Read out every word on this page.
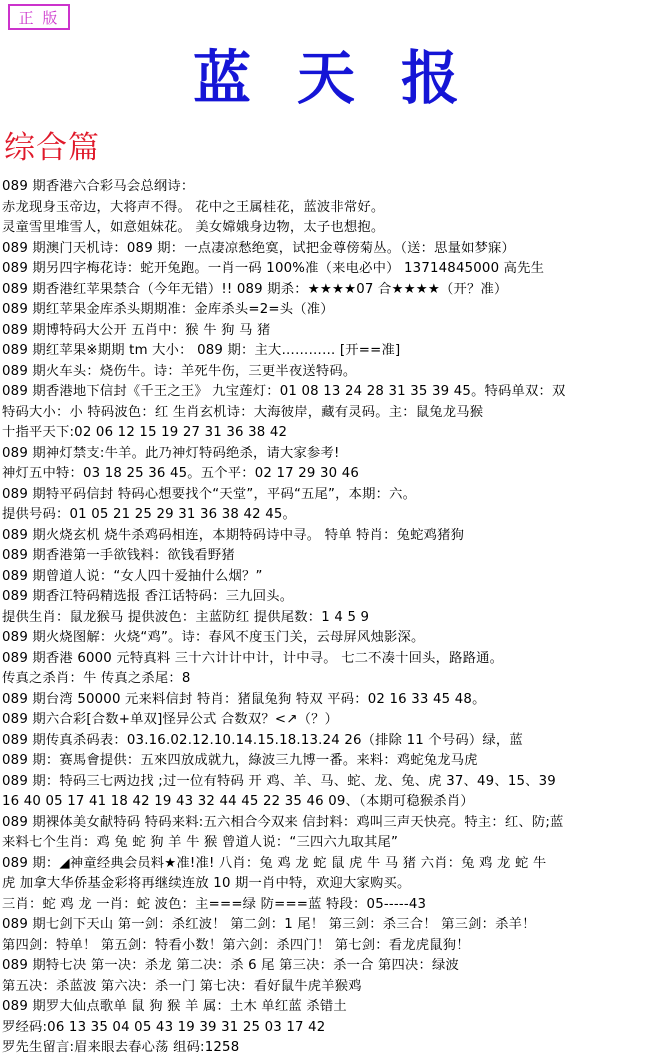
正 版
蓝天报
综合篇
089 期香港六合彩马会总纲诗：
赤龙现身玉帝边，大将声不得。 花中之王属桂花，蓝波非常好。
灵童雪里堆雪人，如意姐妹花。 美女嫦娥身边物，太子也想抱。
089 期澳门天机诗：089 期：一点凄凉愁绝寞，试把金尊傍菊丛。（送：思量如梦寐）
089 期另四字梅花诗：蛇开兔跑。一肖一码 100%准（来电必中） 13714845000 高先生
089 期香港红苹果禁合（今年无错）!! 089 期杀：★★★★07 合★★★★（开？准）
089 期红苹果金库杀头期期准：金库杀头=2=头（准）
089 期博特码大公开 五肖中：猴 牛 狗 马 猪
089 期红苹果※期期 tm 大小： 089 期：主大………… [开==准]
089 期火车头：烧伤牛。诗：羊死牛伤，三更半夜送特码。
089 期香港地下信封《千王之王》 九宝莲灯：01 08 13 24 28 31 35 39 45。特码单双：双
特码大小：小 特码波色：红 生肖玄机诗：大海彼岸，藏有灵码。主：鼠兔龙马猴
十指平天下:02 06 12 15 19 27 31 36 38 42
089 期神灯禁支:牛羊。此乃神灯特码绝杀，请大家参考!
神灯五中特：03 18 25 36 45。五个平：02 17 29 30 46
089 期特平码信封 特码心想要找个“天堂”，平码“五尾”，本期：六。
提供号码：01 05 21 25 29 31 36 38 42 45。
089 期火烧玄机 烧牛杀鸡码相连，本期特码诗中寻。 特单 特肖：兔蛇鸡猪狗
089 期香港第一手欲钱料：欲钱看野猪
089 期曾道人说：“女人四十爱抽什么烟？”
089 期香江特码精选报 香江话特码：三九回头。
提供生肖：鼠龙猴马 提供波色：主蓝防红 提供尾数：1 4 5 9
089 期火烧图解：火烧“鸡”。诗：春风不度玉门关，云母屏风烛影深。
089 期香港 6000 元特真料 三十六计计中计，计中寻。 七二不凑十回头，路路通。
传真之杀肖：牛 传真之杀尾：8
089 期台湾 50000 元来料信封 特肖：猪鼠兔狗 特双 平码：02 16 33 45 48。
089 期六合彩[合数+单双]怪异公式 合数双？<↗（？）
089 期传真杀码表：03.16.02.12.10.14.15.18.13.24 26（排除 11 个号码）绿，蓝
089 期：赛馬會提供：五來四放成就九，綠波三九博一番。来料：鸡蛇兔龙马虎
089 期：特码三七两边找 ;过一位有特码 开 鸡、羊、马、蛇、龙、兔、虎 37、49、15、39
16 40 05 17 41 18 42 19 43 32 44 45 22 35 46 09、（本期可稳猴杀肖）
089 期裸体美女献特码 特码来料:五六相合今双来 信封料：鸡叫三声天快亮。特主：红、防;蓝
来料七个生肖：鸡 兔 蛇 狗 羊 牛 猴 曾道人说：“三四六九取其尾”
089 期：◢神童经典会员料★准!准! 八肖：兔 鸡 龙 蛇 鼠 虎 牛 马 猪 六肖：兔 鸡 龙 蛇 牛
虎 加拿大华侨基金彩将再继续连放 10 期一肖中特，欢迎大家购买。
三肖：蛇 鸡 龙 一肖：蛇 波色：主===绿 防===蓝 特段：05-----43
089 期七剑下天山 第一剑：杀红波！ 第二剑：1 尾！ 第三剑：杀三合！ 第三剑：杀羊！
第四剑：特单！ 第五剑：特看小数！第六剑：杀四门！ 第七剑：看龙虎鼠狗！
089 期特七决 第一决：杀龙 第二决：杀 6 尾 第三决：杀一合 第四决：绿波
第五决：杀蓝波 第六决：杀一门 第七决：看好鼠牛虎羊猴鸡
089 期罗大仙点歌单 鼠 狗 猴 羊 属：土木 单红蓝 杀错土
罗经码:06 13 35 04 05 43 19 39 31 25 03 17 42
罗先生留言:眉来眼去春心荡 组码:1258
